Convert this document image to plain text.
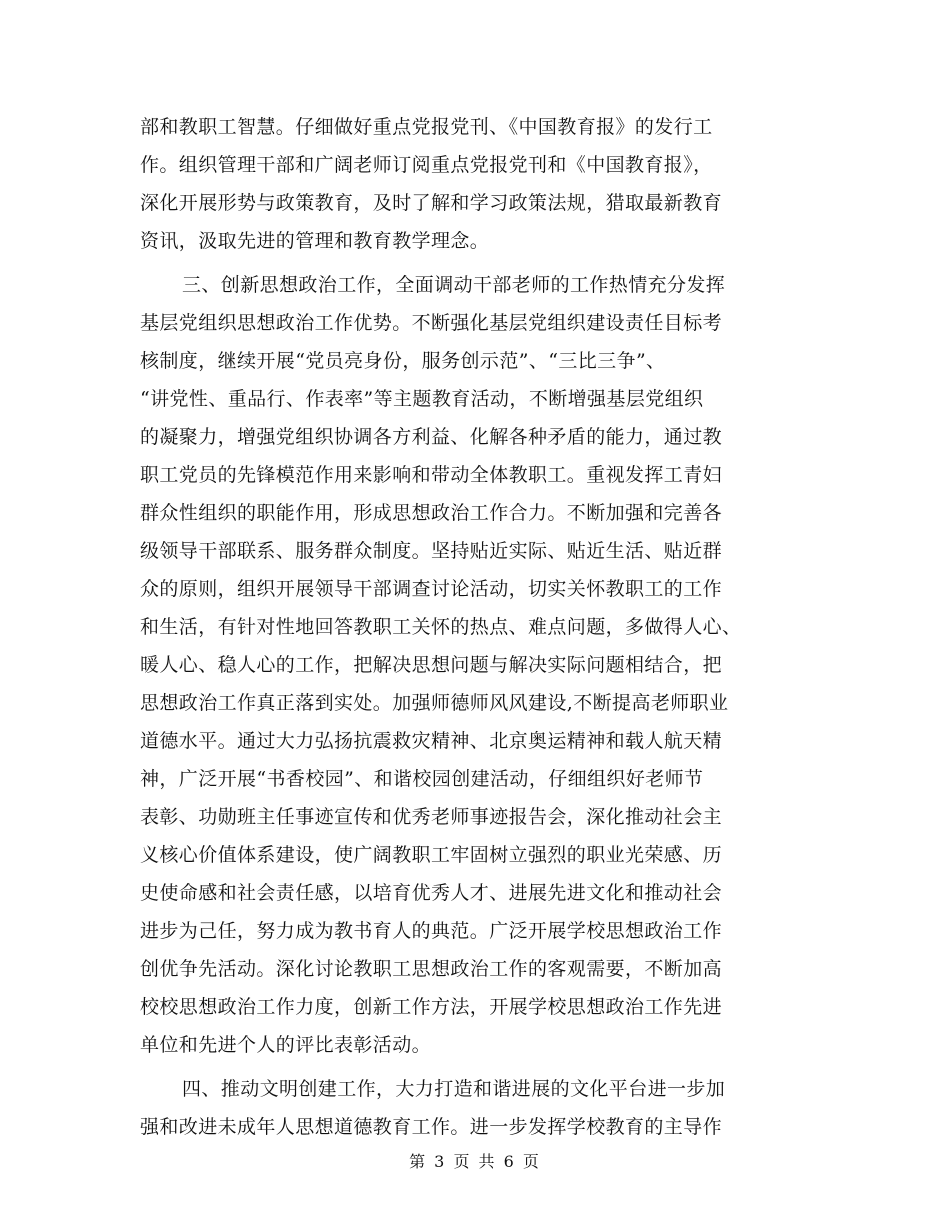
部和教职工智慧。仔细做好重点党报党刊、《中国教育报》的发行工
作。组织管理干部和广阔老师订阅重点党报党刊和《中国教育报》，
深化开展形势与政策教育，及时了解和学习政策法规，猎取最新教育
资讯，汲取先进的管理和教育教学理念。
三、创新思想政治工作，全面调动干部老师的工作热情充分发挥
基层党组织思想政治工作优势。不断强化基层党组织建设责任目标考
核制度，继续开展“党员亮身份，服务创示范”、“三比三争”、
“讲党性、重品行、作表率”等主题教育活动，不断增强基层党组织
的凝聚力，增强党组织协调各方利益、化解各种矛盾的能力，通过教
职工党员的先锋模范作用来影响和带动全体教职工。重视发挥工青妇
群众性组织的职能作用，形成思想政治工作合力。不断加强和完善各
级领导干部联系、服务群众制度。坚持贴近实际、贴近生活、贴近群
众的原则，组织开展领导干部调查讨论活动，切实关怀教职工的工作
和生活，有针对性地回答教职工关怀的热点、难点问题，多做得人心、
暖人心、稳人心的工作，把解决思想问题与解决实际问题相结合，把
思想政治工作真正落到实处。加强师德师风风建设,不断提高老师职业
道德水平。通过大力弘扬抗震救灾精神、北京奥运精神和载人航天精
神，广泛开展“书香校园”、和谐校园创建活动，仔细组织好老师节
表彰、功勋班主任事迹宣传和优秀老师事迹报告会，深化推动社会主
义核心价值体系建设，使广阔教职工牢固树立强烈的职业光荣感、历
史使命感和社会责任感，以培育优秀人才、进展先进文化和推动社会
进步为己任，努力成为教书育人的典范。广泛开展学校思想政治工作
创优争先活动。深化讨论教职工思想政治工作的客观需要，不断加高
校校思想政治工作力度，创新工作方法，开展学校思想政治工作先进
单位和先进个人的评比表彰活动。
四、推动文明创建工作，大力打造和谐进展的文化平台进一步加
强和改进未成年人思想道德教育工作。进一步发挥学校教育的主导作
第 3 页 共 6 页
